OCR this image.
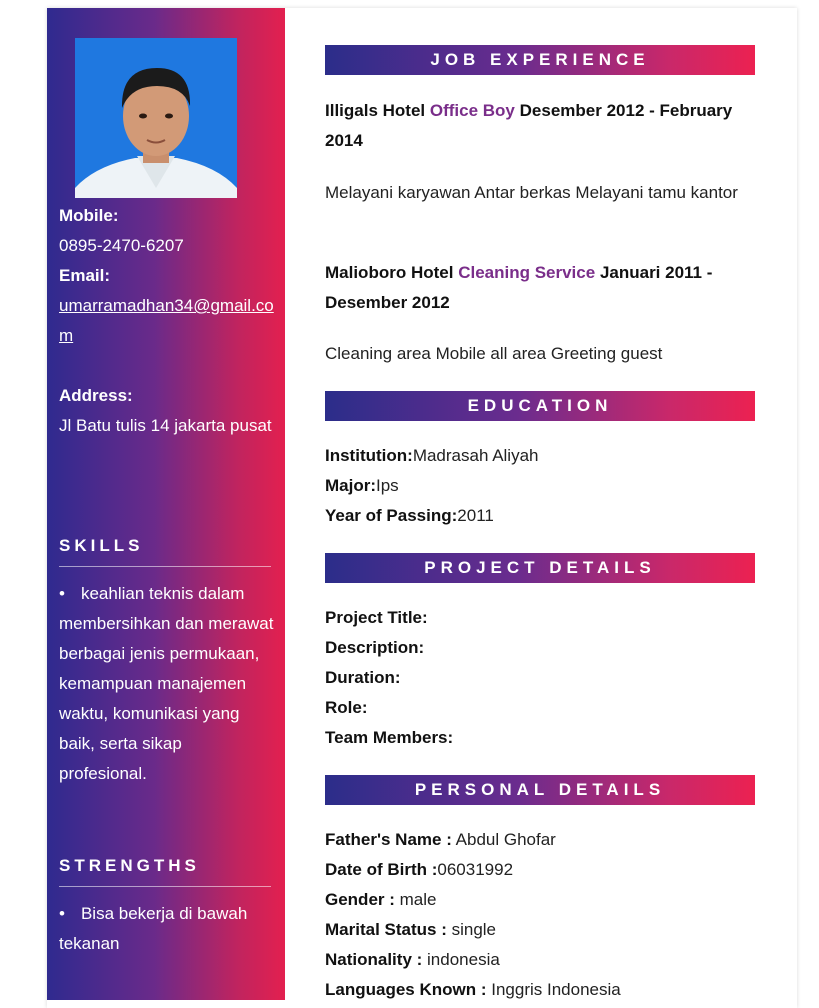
Mobile:
0895-2470-6207
Email:
umarramadhan34@gmail.com
Address:
Jl Batu tulis 14 jakarta pusat
SKILLS
• keahlian teknis dalam membersihkan dan merawat berbagai jenis permukaan, kemampuan manajemen waktu, komunikasi yang baik, serta sikap profesional.
STRENGTHS
• Bisa bekerja di bawah tekanan
JOB EXPERIENCE
Illigals Hotel Office Boy Desember 2012 - February 2014
Melayani karyawan Antar berkas Melayani tamu kantor
Malioboro Hotel Cleaning Service Januari 2011 - Desember 2012
Cleaning area Mobile all area Greeting guest
EDUCATION
Institution:Madrasah Aliyah
Major:Ips
Year of Passing:2011
PROJECT DETAILS
Project Title:
Description:
Duration:
Role:
Team Members:
PERSONAL DETAILS
Father's Name : Abdul Ghofar
Date of Birth :06031992
Gender : male
Marital Status : single
Nationality : indonesia
Languages Known : Inggris Indonesia
